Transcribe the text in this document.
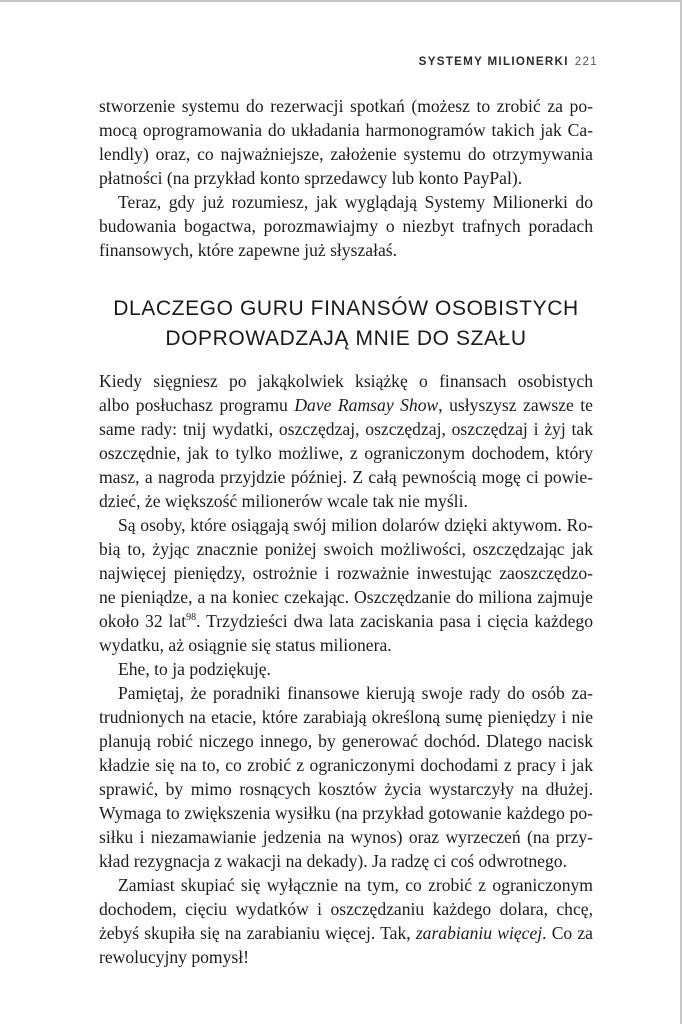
SYSTEMY MILIONERKI 221
stworzenie systemu do rezerwacji spotkań (możesz to zrobić za po-
mocą oprogramowania do układania harmonogramów takich jak Ca-
lendly) oraz, co najważniejsze, założenie systemu do otrzymywania
płatności (na przykład konto sprzedawcy lub konto PayPal).
Teraz, gdy już rozumiesz, jak wyglądają Systemy Milionerki do
budowania bogactwa, porozmawiajmy o niezbyt trafnych poradach
finansowych, które zapewne już słyszałaś.
DLACZEGO GURU FINANSÓW OSOBISTYCH
DOPROWADZAJĄ MNIE DO SZAŁU
Kiedy sięgniesz po jakąkolwiek książkę o finansach osobistych
albo posłuchasz programu Dave Ramsay Show, usłyszysz zawsze te
same rady: tnij wydatki, oszczędzaj, oszczędzaj, oszczędzaj i żyj tak
oszczędnie, jak to tylko możliwe, z ograniczonym dochodem, który
masz, a nagroda przyjdzie później. Z całą pewnością mogę ci powie-
dzieć, że większość milionerów wcale tak nie myśli.
Są osoby, które osiągają swój milion dolarów dzięki aktywom. Ro-
bią to, żyjąc znacznie poniżej swoich możliwości, oszczędzając jak
najwięcej pieniędzy, ostrożnie i rozważnie inwestując zaoszczędzo-
ne pieniądze, a na koniec czekając. Oszczędzanie do miliona zajmuje
około 32 lat$^{98}$. Trzydzieści dwa lata zaciskania pasa i cięcia każdego
wydatku, aż osiągnie się status milionera.
Ehe, to ja podziękuję.
Pamiętaj, że poradniki finansowe kierują swoje rady do osób za-
trudnionych na etacie, które zarabiają określoną sumę pieniędzy i nie
planują robić niczego innego, by generować dochód. Dlatego nacisk
kładzie się na to, co zrobić z ograniczonymi dochodami z pracy i jak
sprawić, by mimo rosnących kosztów życia wystarczyły na dłużej.
Wymaga to zwiększenia wysiłku (na przykład gotowanie każdego po-
siłku i niezamawianie jedzenia na wynos) oraz wyrzeczeń (na przy-
kład rezygnacja z wakacji na dekady). Ja radzę ci coś odwrotnego.
Zamiast skupiać się wyłącznie na tym, co zrobić z ograniczonym
dochodem, cięciu wydatków i oszczędzaniu każdego dolara, chcę,
żebyś skupiła się na zarabianiu więcej. Tak, zarabianiu więcej. Co za
rewolucyjny pomysł!
